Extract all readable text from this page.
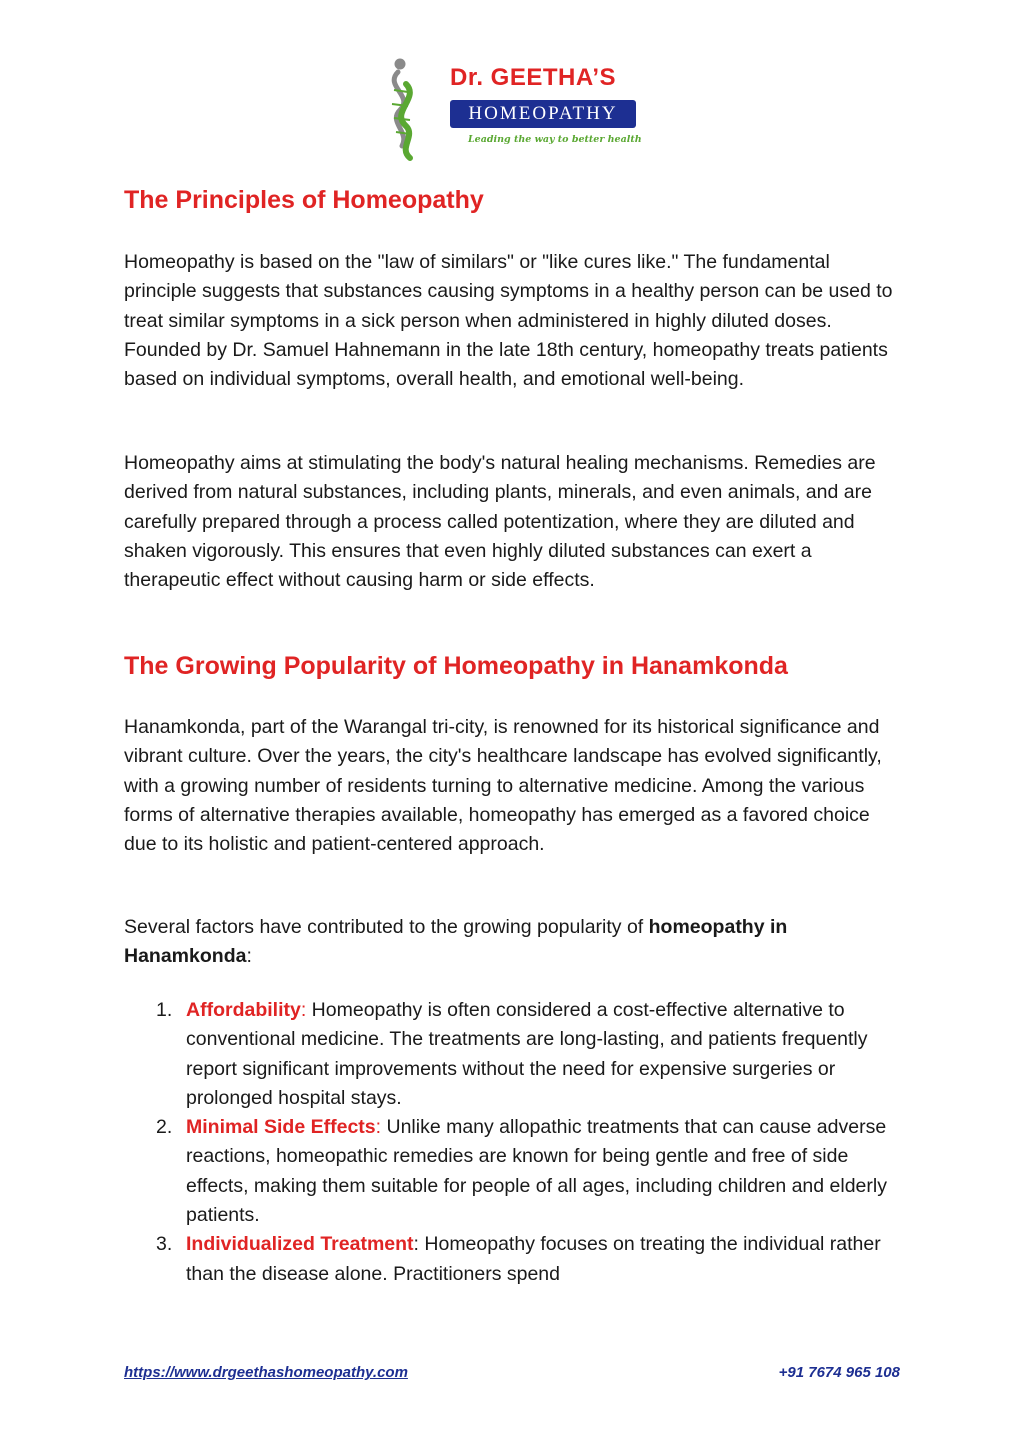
Dr. GEETHA’S
HOMEOPATHY
Leading the way to better health
The Principles of Homeopathy

Homeopathy is based on the "law of similars" or "like cures like." The fundamental principle suggests that substances causing symptoms in a healthy person can be used to treat similar symptoms in a sick person when administered in highly diluted doses. Founded by Dr. Samuel Hahnemann in the late 18th century, homeopathy treats patients based on individual symptoms, overall health, and emotional well-being.

Homeopathy aims at stimulating the body's natural healing mechanisms. Remedies are derived from natural substances, including plants, minerals, and even animals, and are carefully prepared through a process called potentization, where they are diluted and shaken vigorously. This ensures that even highly diluted substances can exert a therapeutic effect without causing harm or side effects.

The Growing Popularity of Homeopathy in Hanamkonda

Hanamkonda, part of the Warangal tri-city, is renowned for its historical significance and vibrant culture. Over the years, the city's healthcare landscape has evolved significantly, with a growing number of residents turning to alternative medicine. Among the various forms of alternative therapies available, homeopathy has emerged as a favored choice due to its holistic and patient-centered approach.

Several factors have contributed to the growing popularity of homeopathy in Hanamkonda:

1. Affordability: Homeopathy is often considered a cost-effective alternative to conventional medicine. The treatments are long-lasting, and patients frequently report significant improvements without the need for expensive surgeries or prolonged hospital stays.
2. Minimal Side Effects: Unlike many allopathic treatments that can cause adverse reactions, homeopathic remedies are known for being gentle and free of side effects, making them suitable for people of all ages, including children and elderly patients.
3. Individualized Treatment: Homeopathy focuses on treating the individual rather than the disease alone. Practitioners spend
https://www.drgeethashomeopathy.com	+91 7674 965 108
